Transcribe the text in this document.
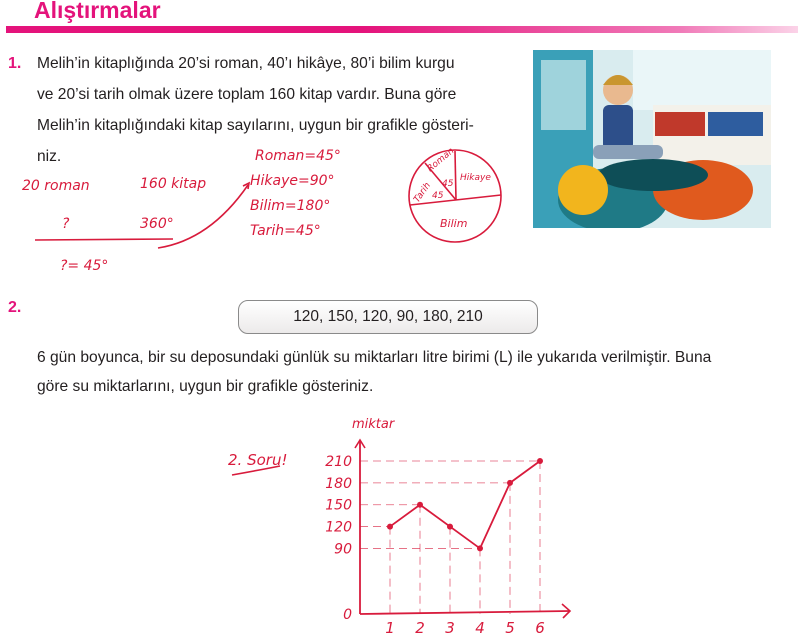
Alıştırmalar
1. Melih’in kitaplığında 20’si roman, 40’ı hikâye, 80’i bilim kurgu
ve 20’si tarih olmak üzere toplam 160 kitap vardır. Buna göre
Melih’in kitaplığındaki kitap sayılarını, uygun bir grafikle gösteri-
niz.
20 roman	160 kitap
?	360°
?= 45°
Roman=45°
Hikaye=90°
Bilim=180°
Tarih=45°
Roman
45
Hikaye
Tarih
45
Bilim
2.
120, 150, 120, 90, 180, 210
6 gün boyunca, bir su deposundaki günlük su miktarları litre birimi (L) ile yukarıda verilmiştir. Buna
göre su miktarlarını, uygun bir grafikle gösteriniz.
2. Soru!
miktar
0
90
120
150
180
210
1 2 3 4 5 6
